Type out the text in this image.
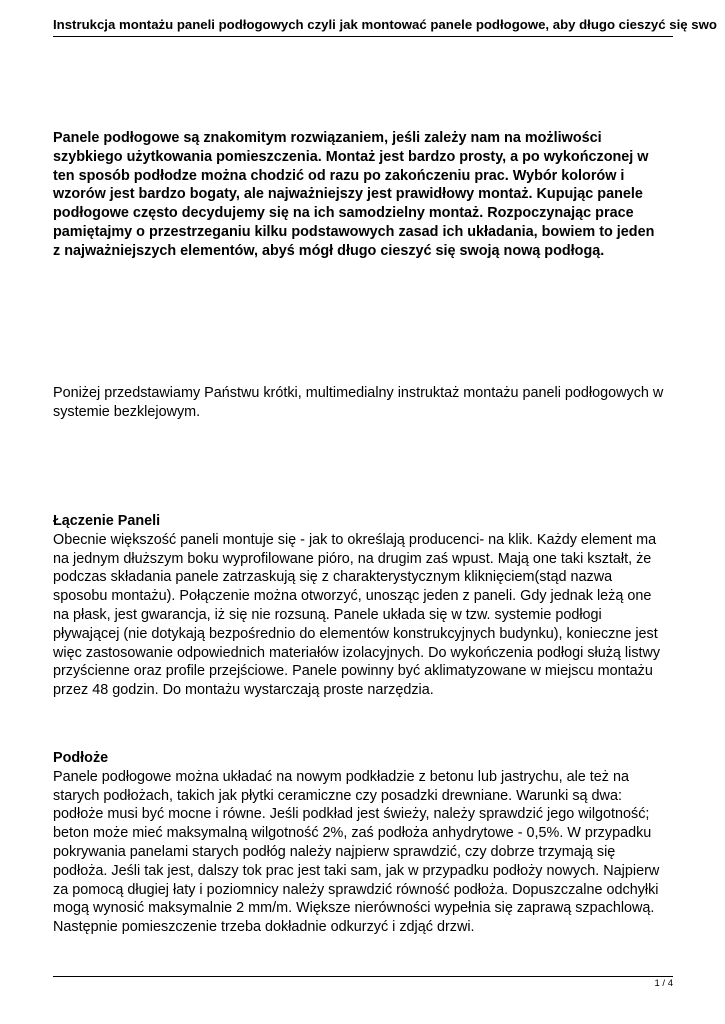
Instrukcja montażu paneli podłogowych czyli jak montować panele podłogowe, aby długo cieszyć się swo

Panele podłogowe są znakomitym rozwiązaniem, jeśli zależy nam na możliwości
szybkiego użytkowania pomieszczenia. Montaż jest bardzo prosty, a po wykończonej w
ten sposób podłodze można chodzić od razu po zakończeniu prac. Wybór kolorów i
wzorów jest bardzo bogaty, ale najważniejszy jest prawidłowy montaż. Kupując panele
podłogowe często decydujemy się na ich samodzielny montaż. Rozpoczynając prace
pamiętajmy o przestrzeganiu kilku podstawowych zasad ich układania, bowiem to jeden
z najważniejszych elementów, abyś mógł długo cieszyć się swoją nową podłogą.

Poniżej przedstawiamy Państwu krótki, multimedialny instruktaż montażu paneli podłogowych w
systemie bezklejowym.

Łączenie Paneli

Obecnie większość paneli montuje się - jak to określają producenci- na klik. Każdy element ma
na jednym dłuższym boku wyprofilowane pióro, na drugim zaś wpust. Mają one taki kształt, że
podczas składania panele zatrzaskują się z charakterystycznym kliknięciem(stąd nazwa
sposobu montażu). Połączenie można otworzyć, unosząc jeden z paneli. Gdy jednak leżą one
na płask, jest gwarancja, iż się nie rozsuną. Panele układa się w tzw. systemie podłogi
pływającej (nie dotykają bezpośrednio do elementów konstrukcyjnych budynku), konieczne jest
więc zastosowanie odpowiednich materiałów izolacyjnych. Do wykończenia podłogi służą listwy
przyścienne oraz profile przejściowe. Panele powinny być aklimatyzowane w miejscu montażu
przez 48 godzin. Do montażu wystarczają proste narzędzia.

Podłoże

Panele podłogowe można układać na nowym podkładzie z betonu lub jastrychu, ale też na
starych podłożach, takich jak płytki ceramiczne czy posadzki drewniane. Warunki są dwa:
podłoże musi być mocne i równe. Jeśli podkład jest świeży, należy sprawdzić jego wilgotność;
beton może mieć maksymalną wilgotność 2%, zaś podłoża anhydrytowe - 0,5%. W przypadku
pokrywania panelami starych podłóg należy najpierw sprawdzić, czy dobrze trzymają się
podłoża. Jeśli tak jest, dalszy tok prac jest taki sam, jak w przypadku podłoży nowych. Najpierw
za pomocą długiej łaty i poziomnicy należy sprawdzić równość podłoża. Dopuszczalne odchyłki
mogą wynosić maksymalnie 2 mm/m. Większe nierówności wypełnia się zaprawą szpachlową.
Następnie pomieszczenie trzeba dokładnie odkurzyć i zdjąć drzwi.

1 / 4
